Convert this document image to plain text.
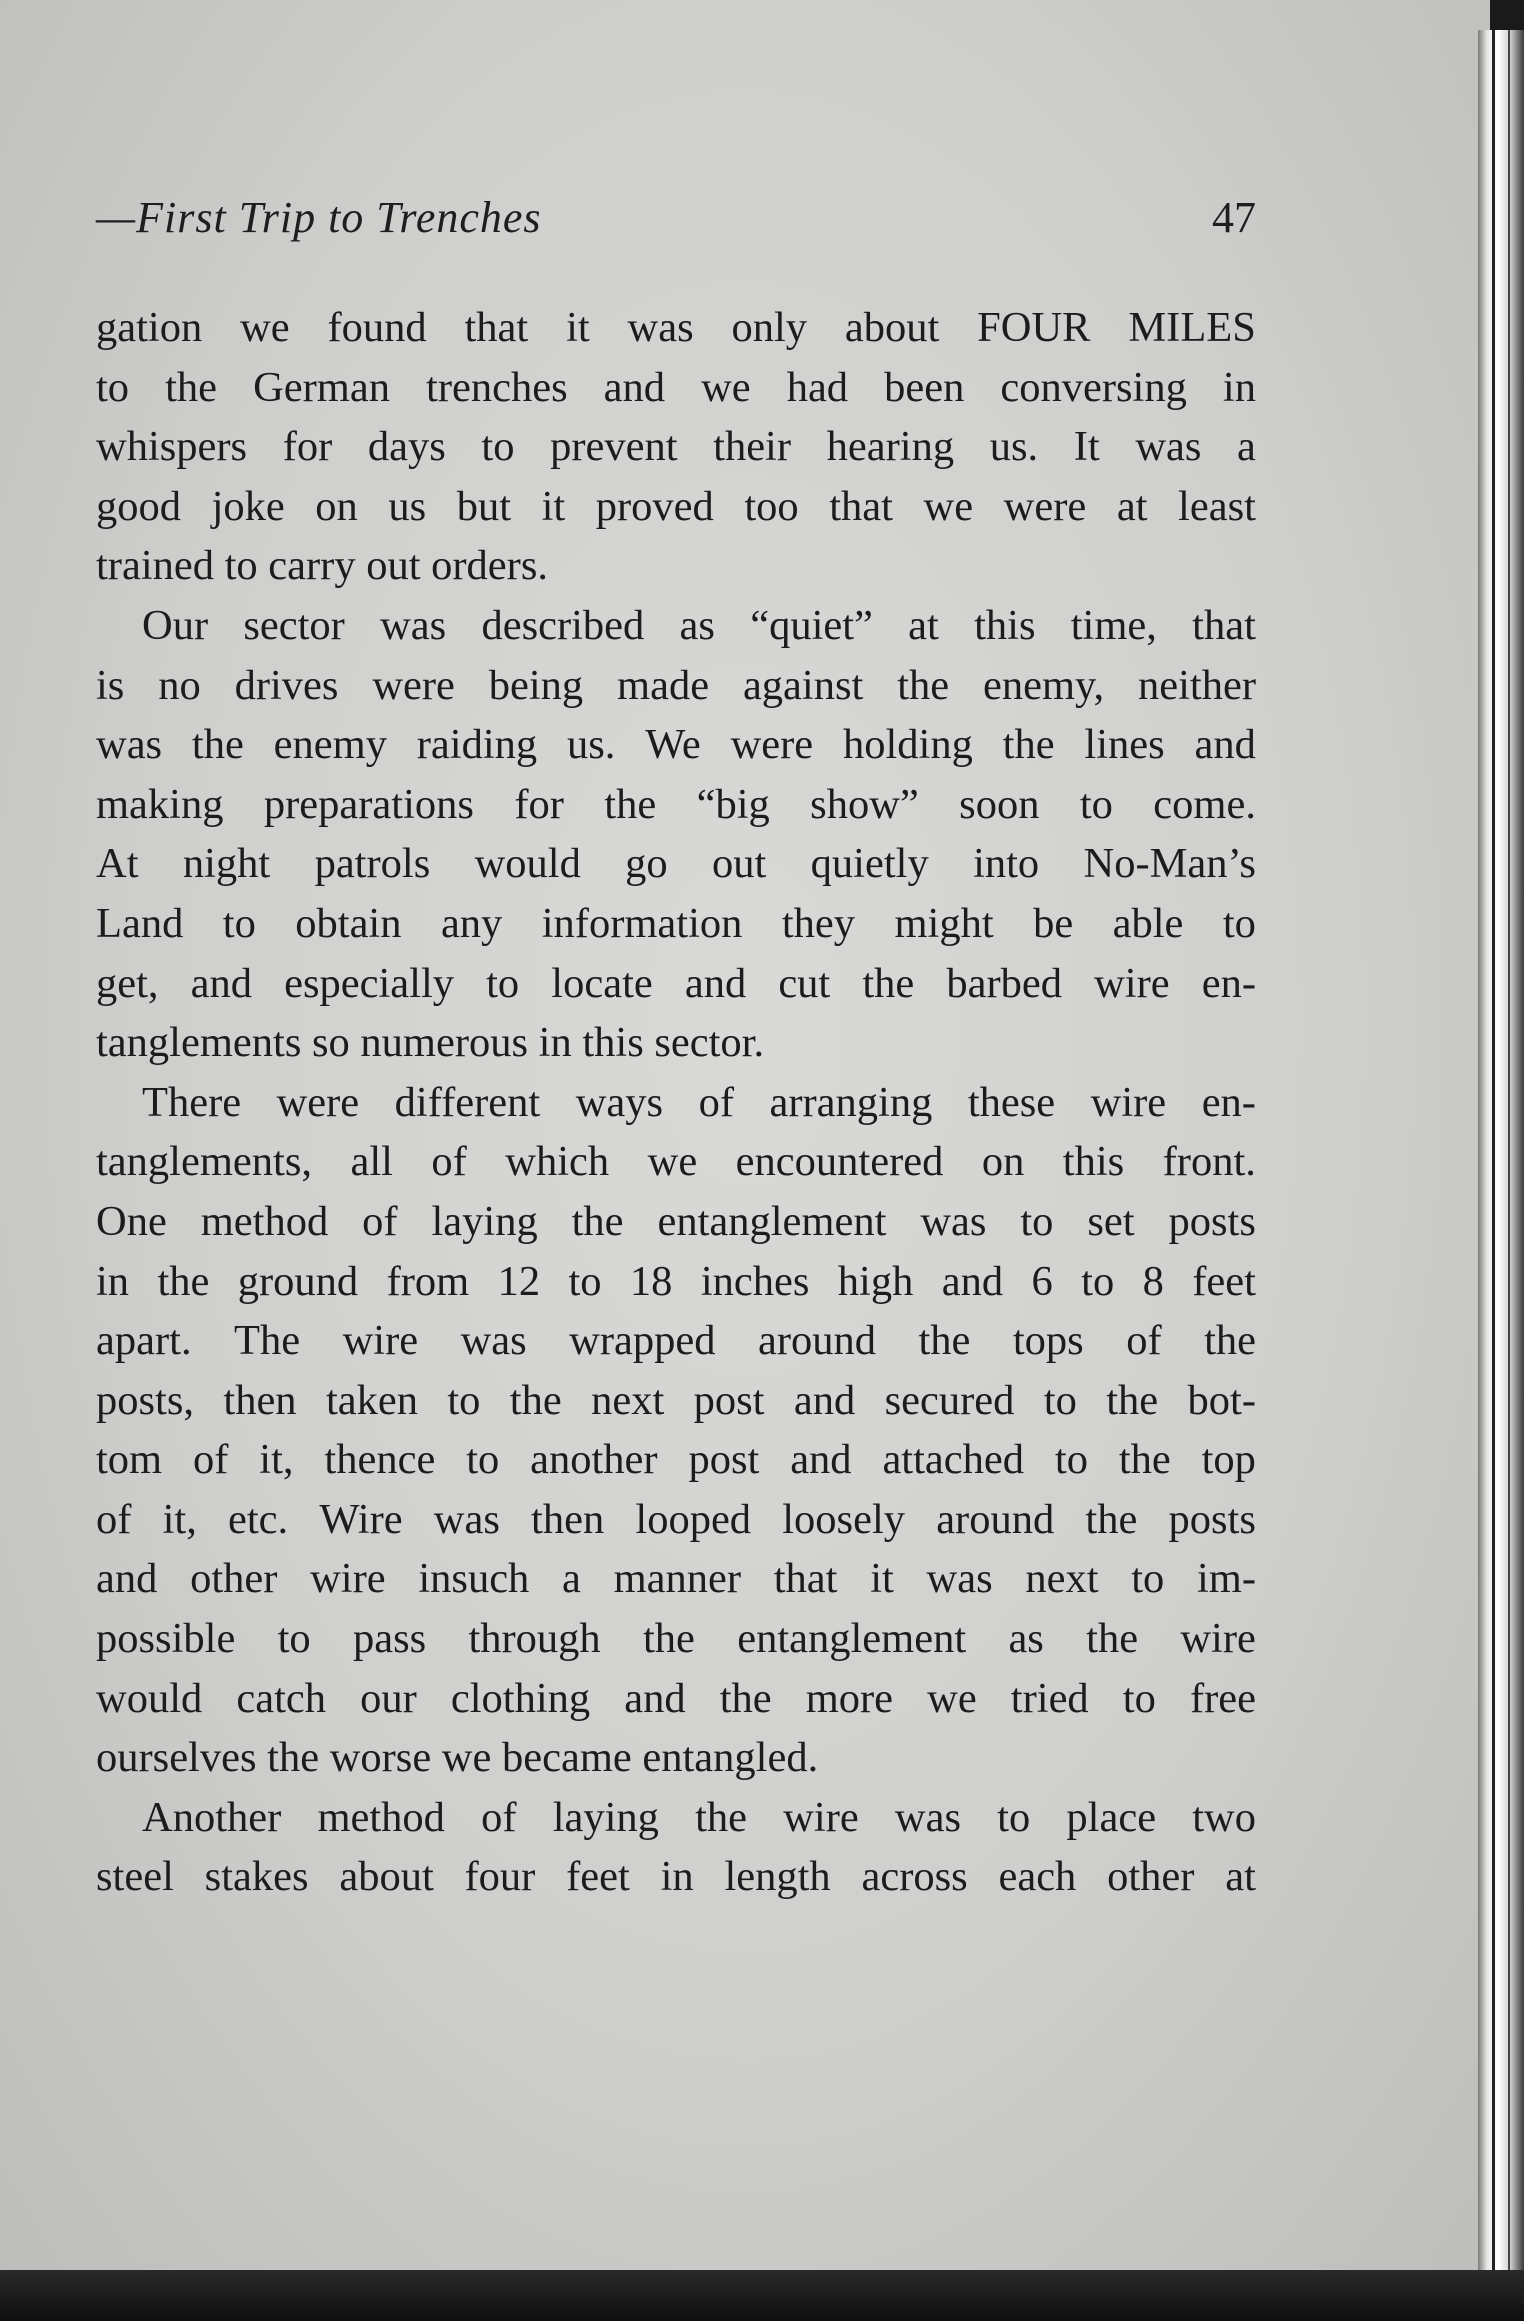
—First Trip to Trenches	47

gation we found that it was only about FOUR MILES
to the German trenches and we had been conversing in
whispers for days to prevent their hearing us. It was a
good joke on us but it proved too that we were at least
trained to carry out orders.

Our sector was described as “quiet” at this time, that
is no drives were being made against the enemy, neither
was the enemy raiding us. We were holding the lines and
making preparations for the “big show” soon to come.
At night patrols would go out quietly into No-Man’s
Land to obtain any information they might be able to
get, and especially to locate and cut the barbed wire en-
tanglements so numerous in this sector.

There were different ways of arranging these wire en-
tanglements, all of which we encountered on this front.
One method of laying the entanglement was to set posts
in the ground from 12 to 18 inches high and 6 to 8 feet
apart. The wire was wrapped around the tops of the
posts, then taken to the next post and secured to the bot-
tom of it, thence to another post and attached to the top
of it, etc. Wire was then looped loosely around the posts
and other wire insuch a manner that it was next to im-
possible to pass through the entanglement as the wire
would catch our clothing and the more we tried to free
ourselves the worse we became entangled.

Another method of laying the wire was to place two
steel stakes about four feet in length across each other at
